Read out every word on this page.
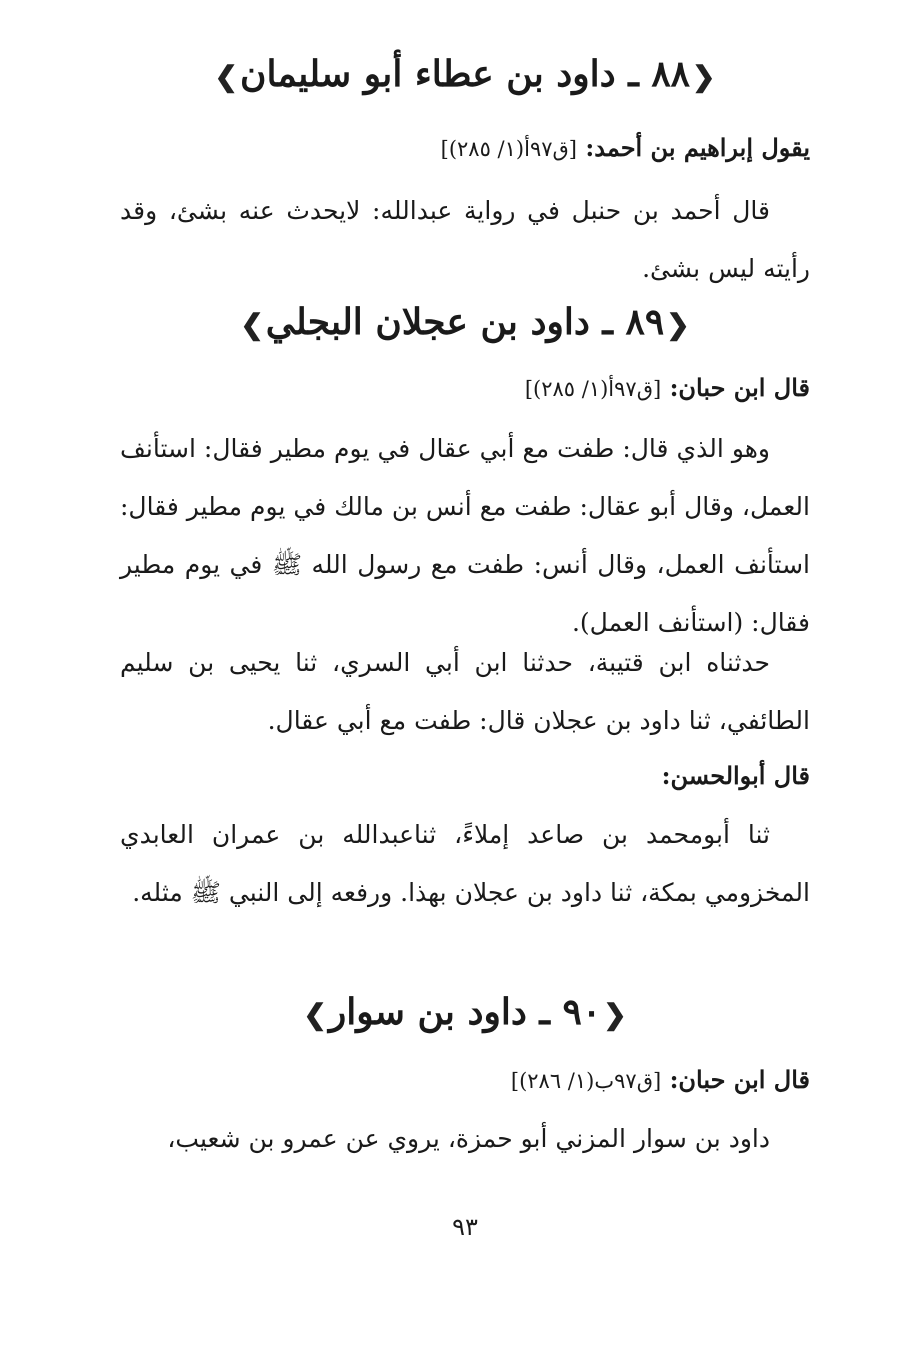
❮٨٨ ـ داود بن عطاء أبو سليمان❯
يقول إبراهيم بن أحمد: [ق٩٧أ(١/ ٢٨٥)]

قال أحمد بن حنبل في رواية عبدالله: لايحدث عنه بشئ، وقد رأيته ليس بشئ.

❮٨٩ ـ داود بن عجلان البجلي❯
قال ابن حبان: [ق٩٧أ(١/ ٢٨٥)]

وهو الذي قال: طفت مع أبي عقال في يوم مطير فقال: استأنف العمل، وقال أبو عقال: طفت مع أنس بن مالك في يوم مطير فقال: استأنف العمل، وقال أنس: طفت مع رسول الله ﷺ في يوم مطير فقال: (استأنف العمل).

حدثناه ابن قتيبة، حدثنا ابن أبي السري، ثنا يحيى بن سليم الطائفي، ثنا داود بن عجلان قال: طفت مع أبي عقال.

قال أبوالحسن:

ثنا أبومحمد بن صاعد إملاءً، ثناعبدالله بن عمران العابدي المخزومي بمكة، ثنا داود بن عجلان بهذا. ورفعه إلى النبي ﷺ مثله.

❮٩٠ ـ داود بن سوار❯
قال ابن حبان: [ق٩٧ب(١/ ٢٨٦)]

داود بن سوار المزني أبو حمزة، يروي عن عمرو بن شعيب،

٩٣
